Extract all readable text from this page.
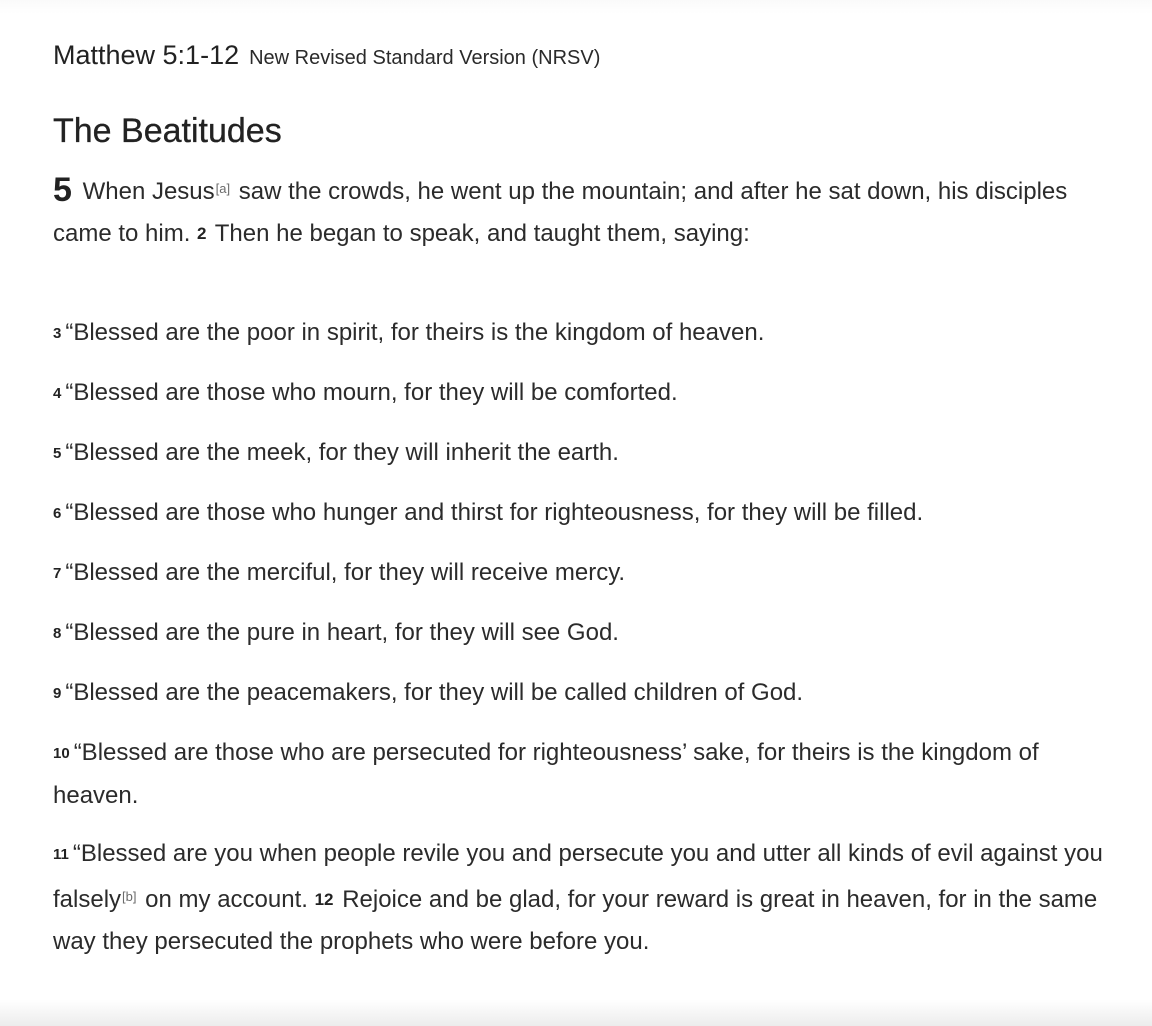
Matthew 5:1-12 New Revised Standard Version (NRSV)
The Beatitudes

5 When Jesus[a] saw the crowds, he went up the mountain; and after he sat down, his disciples came to him. 2 Then he began to speak, and taught them, saying:

3 “Blessed are the poor in spirit, for theirs is the kingdom of heaven.

4 “Blessed are those who mourn, for they will be comforted.

5 “Blessed are the meek, for they will inherit the earth.

6 “Blessed are those who hunger and thirst for righteousness, for they will be filled.

7 “Blessed are the merciful, for they will receive mercy.

8 “Blessed are the pure in heart, for they will see God.

9 “Blessed are the peacemakers, for they will be called children of God.

10 “Blessed are those who are persecuted for righteousness’ sake, for theirs is the kingdom of heaven.

11 “Blessed are you when people revile you and persecute you and utter all kinds of evil against you falsely[b] on my account. 12 Rejoice and be glad, for your reward is great in heaven, for in the same way they persecuted the prophets who were before you.
